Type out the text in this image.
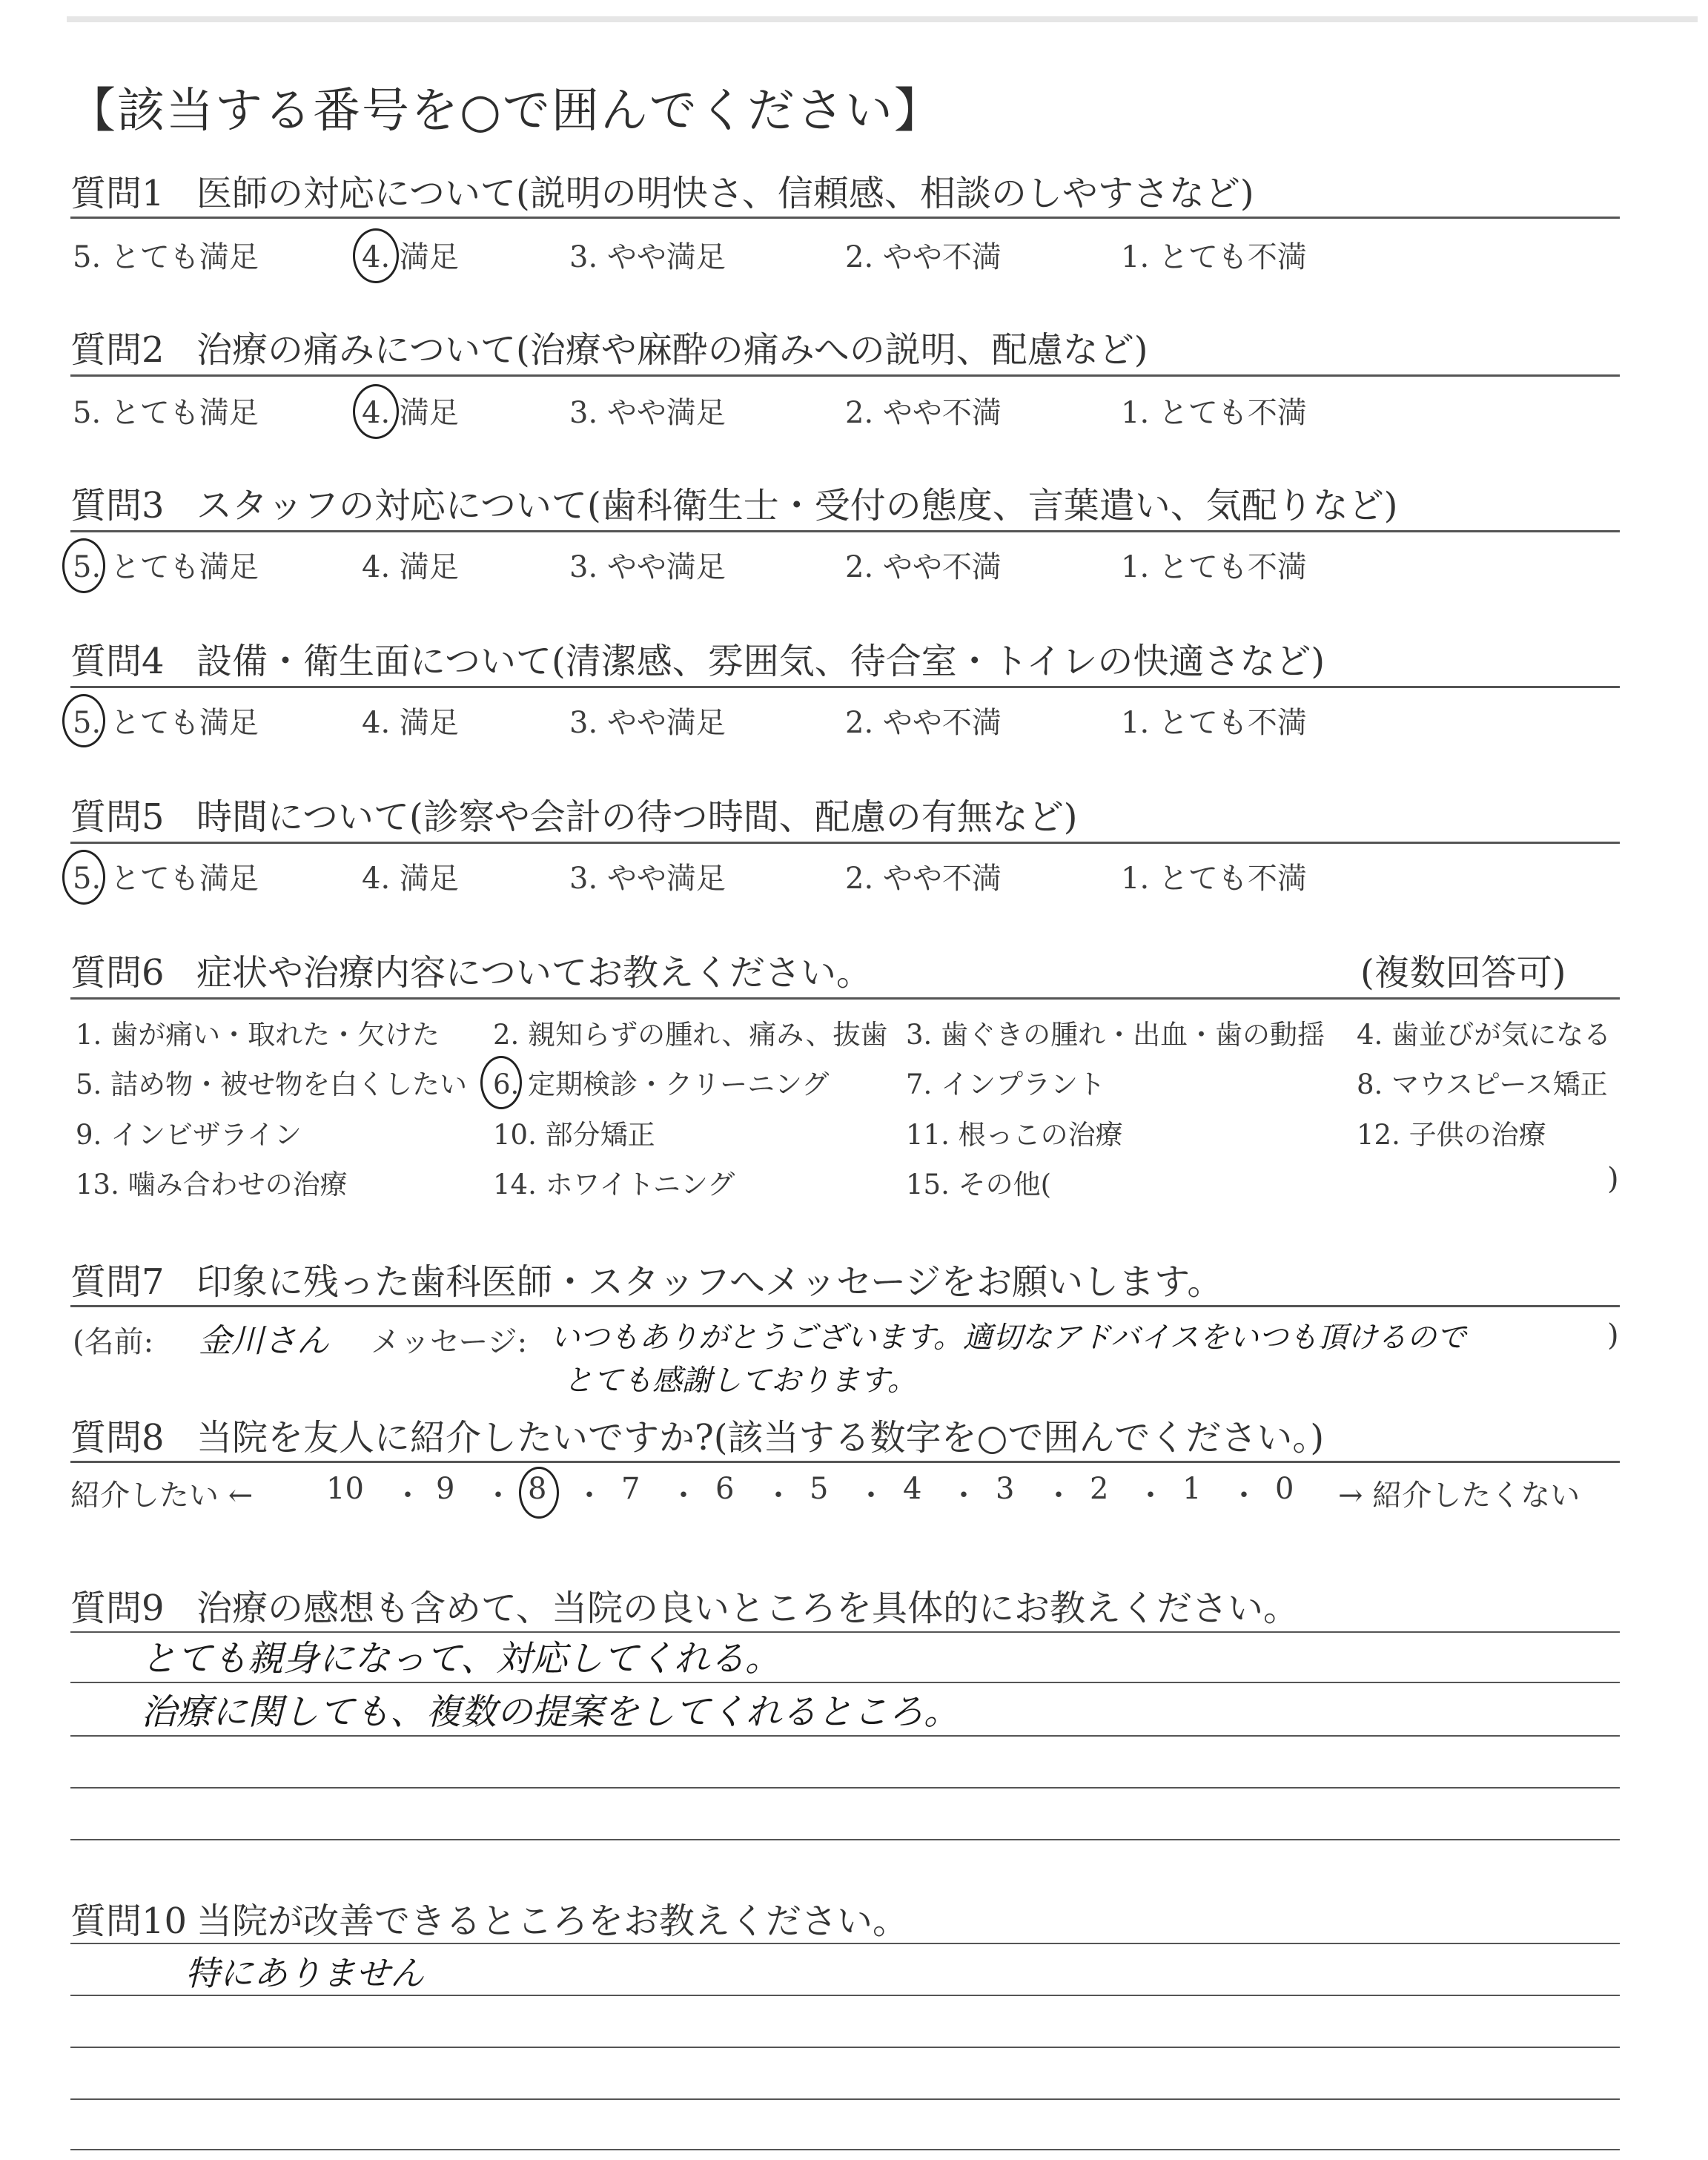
【該当する番号を○で囲んでください】
質問1 医師の対応について(説明の明快さ、信頼感、相談のしやすさなど)
5. とても満足	4. 満足	3. やや満足	2. やや不満	1. とても不満
質問2 治療の痛みについて(治療や麻酔の痛みへの説明、配慮など)
5. とても満足	4. 満足	3. やや満足	2. やや不満	1. とても不満
質問3 スタッフの対応について(歯科衛生士・受付の態度、言葉遣い、気配りなど)
5. とても満足	4. 満足	3. やや満足	2. やや不満	1. とても不満
質問4 設備・衛生面について(清潔感、雰囲気、待合室・トイレの快適さなど)
5. とても満足	4. 満足	3. やや満足	2. やや不満	1. とても不満
質問5 時間について(診察や会計の待つ時間、配慮の有無など)
5. とても満足	4. 満足	3. やや満足	2. やや不満	1. とても不満
質問6 症状や治療内容についてお教えください。	(複数回答可)
1. 歯が痛い・取れた・欠けた 2. 親知らずの腫れ、痛み、抜歯 3. 歯ぐきの腫れ・出血・歯の動揺 4. 歯並びが気になる
5. 詰め物・被せ物を白くしたい 6. 定期検診・クリーニング	7. インプラント	8. マウスピース矯正
9. インビザライン	10. 部分矯正	11. 根っこの治療	12. 子供の治療
13. 噛み合わせの治療	14. ホワイトニング	15. その他(	)
質問7 印象に残った歯科医師・スタッフへメッセージをお願いします。
(名前: 金川さん メッセージ: いつもありがとうございます。適切なアドバイスをいつも頂けるので
とても感謝しております。
)
質問8 当院を友人に紹介したいですか?(該当する数字を○で囲んでください。)
紹介したい ← 10 ・ 9 ・ 8 ・ 7 ・ 6 ・ 5 ・ 4 ・ 3 ・ 2 ・ 1 ・ 0 → 紹介したくない
質問9 治療の感想も含めて、当院の良いところを具体的にお教えください。
とても親身になって、対応してくれる。
治療に関しても、複数の提案をしてくれるところ。
質問10 当院が改善できるところをお教えください。
特にありません
